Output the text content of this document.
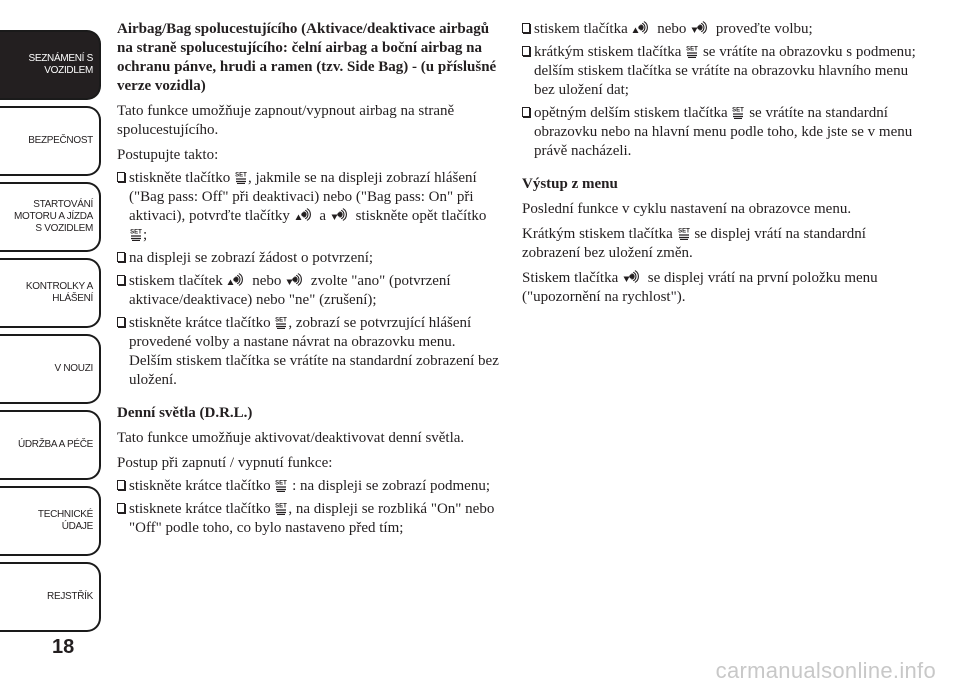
SEZNÁMENÍ S
VOZIDLEM
BEZPEČNOST
STARTOVÁNÍ
MOTORU A JÍZDA
S VOZIDLEM
KONTROLKY A
HLÁŠENÍ
V NOUZI
ÚDRŽBA A PÉČE
TECHNICKÉ
ÚDAJE
REJSTŘÍK
18

Airbag/Bag spolucestujícího (Aktivace/deaktivace airbagů na straně spolucestujícího: čelní airbag a boční airbag na ochranu pánve, hrudi a ramen (tzv. Side Bag) - (u příslušné verze vozidla)

Tato funkce umožňuje zapnout/vypnout airbag na straně spolucestujícího.

Postupujte takto:

stiskněte tlačítko , jakmile se na displeji zobrazí hlášení ("Bag pass: Off" při deaktivaci) nebo ("Bag pass: On" při aktivaci), potvrďte tlačítky a stiskněte opět tlačítko ;
na displeji se zobrazí žádost o potvrzení;
stiskem tlačítek nebo zvolte "ano" (potvrzení aktivace/deaktivace) nebo "ne" (zrušení);
stiskněte krátce tlačítko , zobrazí se potvrzující hlášení provedené volby a nastane návrat na obrazovku menu. Delším stiskem tlačítka se vrátíte na standardní zobrazení bez uložení.

Denní světla (D.R.L.)

Tato funkce umožňuje aktivovat/deaktivovat denní světla.

Postup při zapnutí / vypnutí funkce:

stiskněte krátce tlačítko : na displeji se zobrazí podmenu;
stisknete krátce tlačítko , na displeji se rozbliká "On" nebo "Off" podle toho, co bylo nastaveno před tím;
stiskem tlačítka nebo proveďte volbu;
krátkým stiskem tlačítka se vrátíte na obrazovku s podmenu; delším stiskem tlačítka se vrátíte na obrazovku hlavního menu bez uložení dat;
opětným delším stiskem tlačítka se vrátíte na standardní obrazovku nebo na hlavní menu podle toho, kde jste se v menu právě nacházeli.

Výstup z menu

Poslední funkce v cyklu nastavení na obrazovce menu.

Krátkým stiskem tlačítka se displej vrátí na standardní zobrazení bez uložení změn.

Stiskem tlačítka se displej vrátí na první položku menu ("upozornění na rychlost").

carmanualsonline.info
